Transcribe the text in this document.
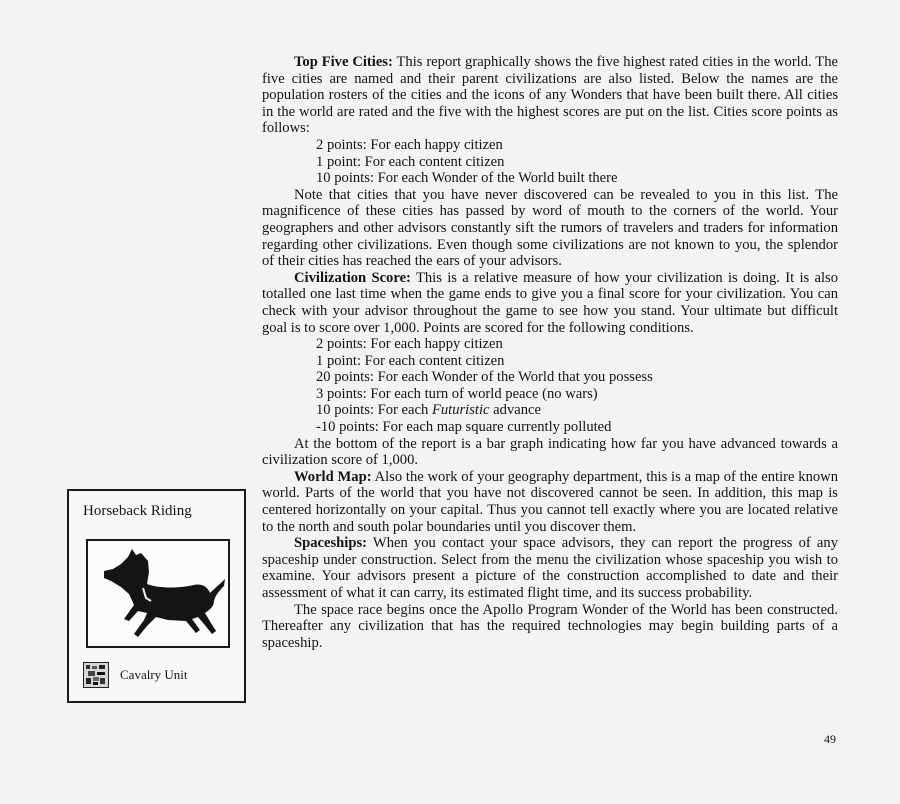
Top Five Cities: This report graphically shows the five highest rated cities in the world. The five cities are named and their parent civilizations are also listed. Below the names are the population rosters of the cities and the icons of any Wonders that have been built there. All cities in the world are rated and the five with the highest scores are put on the list. Cities score points as follows:

2 points: For each happy citizen

1 point: For each content citizen

10 points: For each Wonder of the World built there

Note that cities that you have never discovered can be revealed to you in this list. The magnificence of these cities has passed by word of mouth to the corners of the world. Your geographers and other advisors constantly sift the rumors of travelers and traders for information regarding other civilizations. Even though some civilizations are not known to you, the splendor of their cities has reached the ears of your advisors.

Civilization Score: This is a relative measure of how your civilization is doing. It is also totalled one last time when the game ends to give you a final score for your civilization. You can check with your advisor throughout the game to see how you stand. Your ultimate but difficult goal is to score over 1,000. Points are scored for the following conditions.

2 points: For each happy citizen

1 point: For each content citizen

20 points: For each Wonder of the World that you possess

3 points: For each turn of world peace (no wars)

10 points: For each Futuristic advance

-10 points: For each map square currently polluted

At the bottom of the report is a bar graph indicating how far you have advanced towards a civilization score of 1,000.

World Map: Also the work of your geography department, this is a map of the entire known world. Parts of the world that you have not discovered cannot be seen. In addition, this map is centered horizontally on your capital. Thus you cannot tell exactly where you are located relative to the north and south polar boundaries until you discover them.

Spaceships: When you contact your space advisors, they can report the progress of any spaceship under construction. Select from the menu the civilization whose spaceship you wish to examine. Your advisors present a picture of the construction accomplished to date and their assessment of what it can carry, its estimated flight time, and its success probability.

The space race begins once the Apollo Program Wonder of the World has been constructed. Thereafter any civilization that has the required technologies may begin building parts of a spaceship.

Horseback Riding
Cavalry Unit
49
